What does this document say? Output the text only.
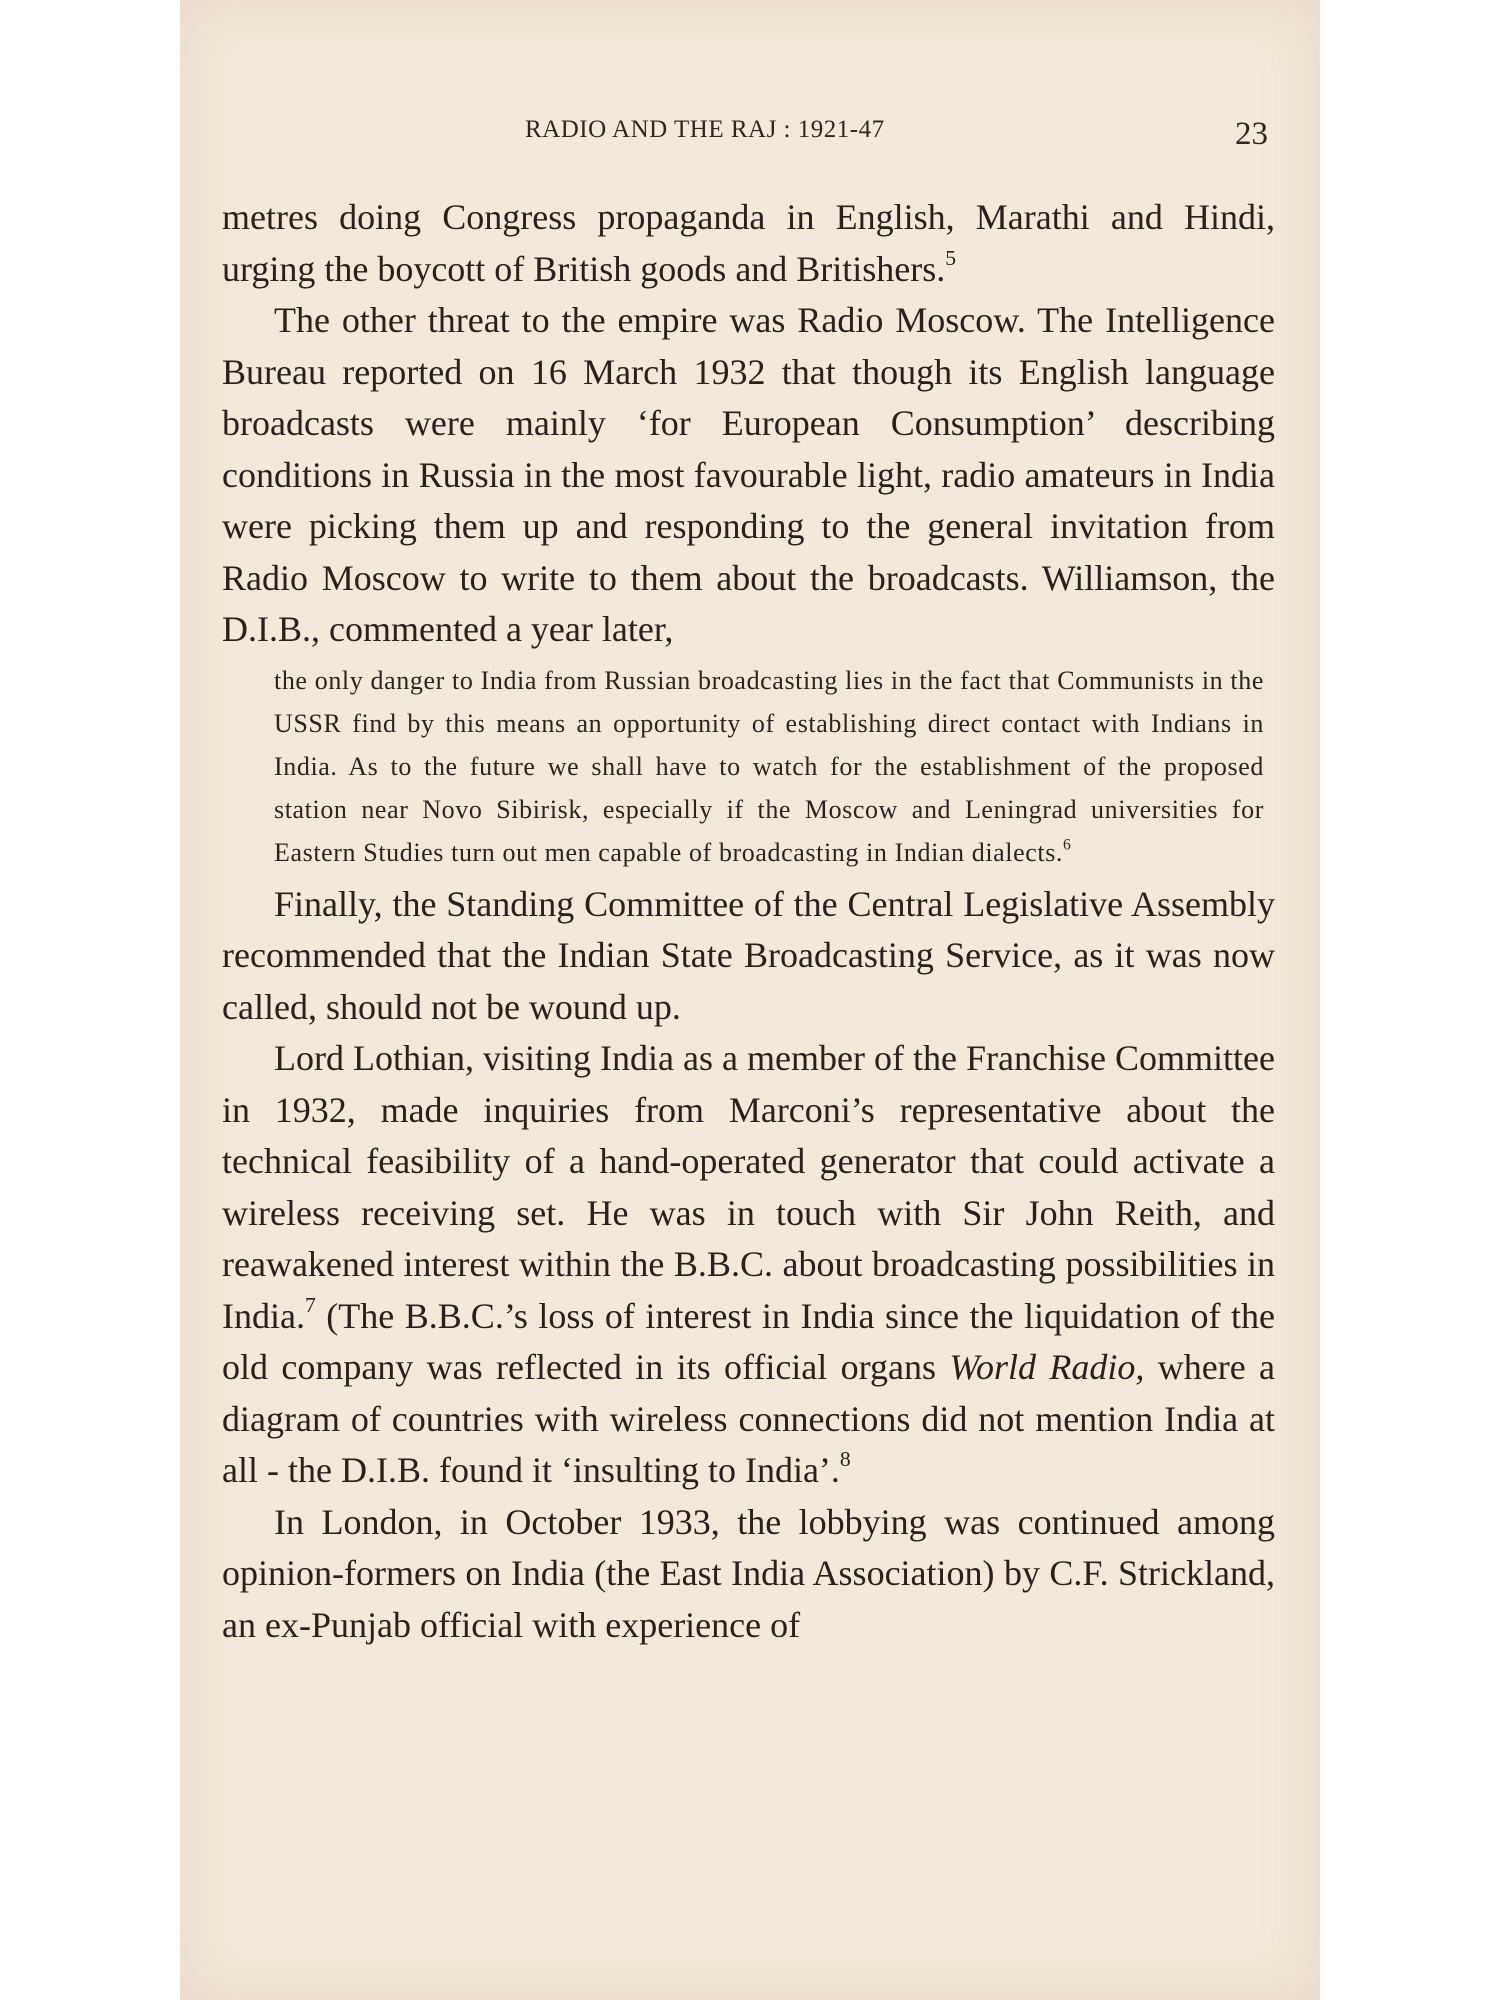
RADIO AND THE RAJ : 1921-47	23

metres doing Congress propaganda in English, Marathi and Hindi, urging the boycott of British goods and Britishers.$^5$

The other threat to the empire was Radio Moscow. The Intelligence Bureau reported on 16 March 1932 that though its English language broadcasts were mainly ‘for European Consumption’ describing conditions in Russia in the most favourable light, radio amateurs in India were picking them up and responding to the general invitation from Radio Moscow to write to them about the broadcasts. Williamson, the D.I.B., commented a year later,

the only danger to India from Russian broadcasting lies in the fact that Communists in the USSR find by this means an opportunity of establishing direct contact with Indians in India. As to the future we shall have to watch for the establishment of the proposed station near Novo Sibirisk, especially if the Moscow and Leningrad universities for Eastern Studies turn out men capable of broadcasting in Indian dialects.$^6$

Finally, the Standing Committee of the Central Legislative Assembly recommended that the Indian State Broadcasting Service, as it was now called, should not be wound up.

Lord Lothian, visiting India as a member of the Franchise Committee in 1932, made inquiries from Marconi’s representative about the technical feasibility of a hand-operated generator that could activate a wireless receiving set. He was in touch with Sir John Reith, and reawakened interest within the B.B.C. about broadcasting possibilities in India.$^7$ (The B.B.C.’s loss of interest in India since the liquidation of the old company was reflected in its official organs World Radio, where a diagram of countries with wireless connections did not mention India at all - the D.I.B. found it ‘insulting to India’.$^8$

In London, in October 1933, the lobbying was continued among opinion-formers on India (the East India Association) by C.F. Strickland, an ex-Punjab official with experience of
